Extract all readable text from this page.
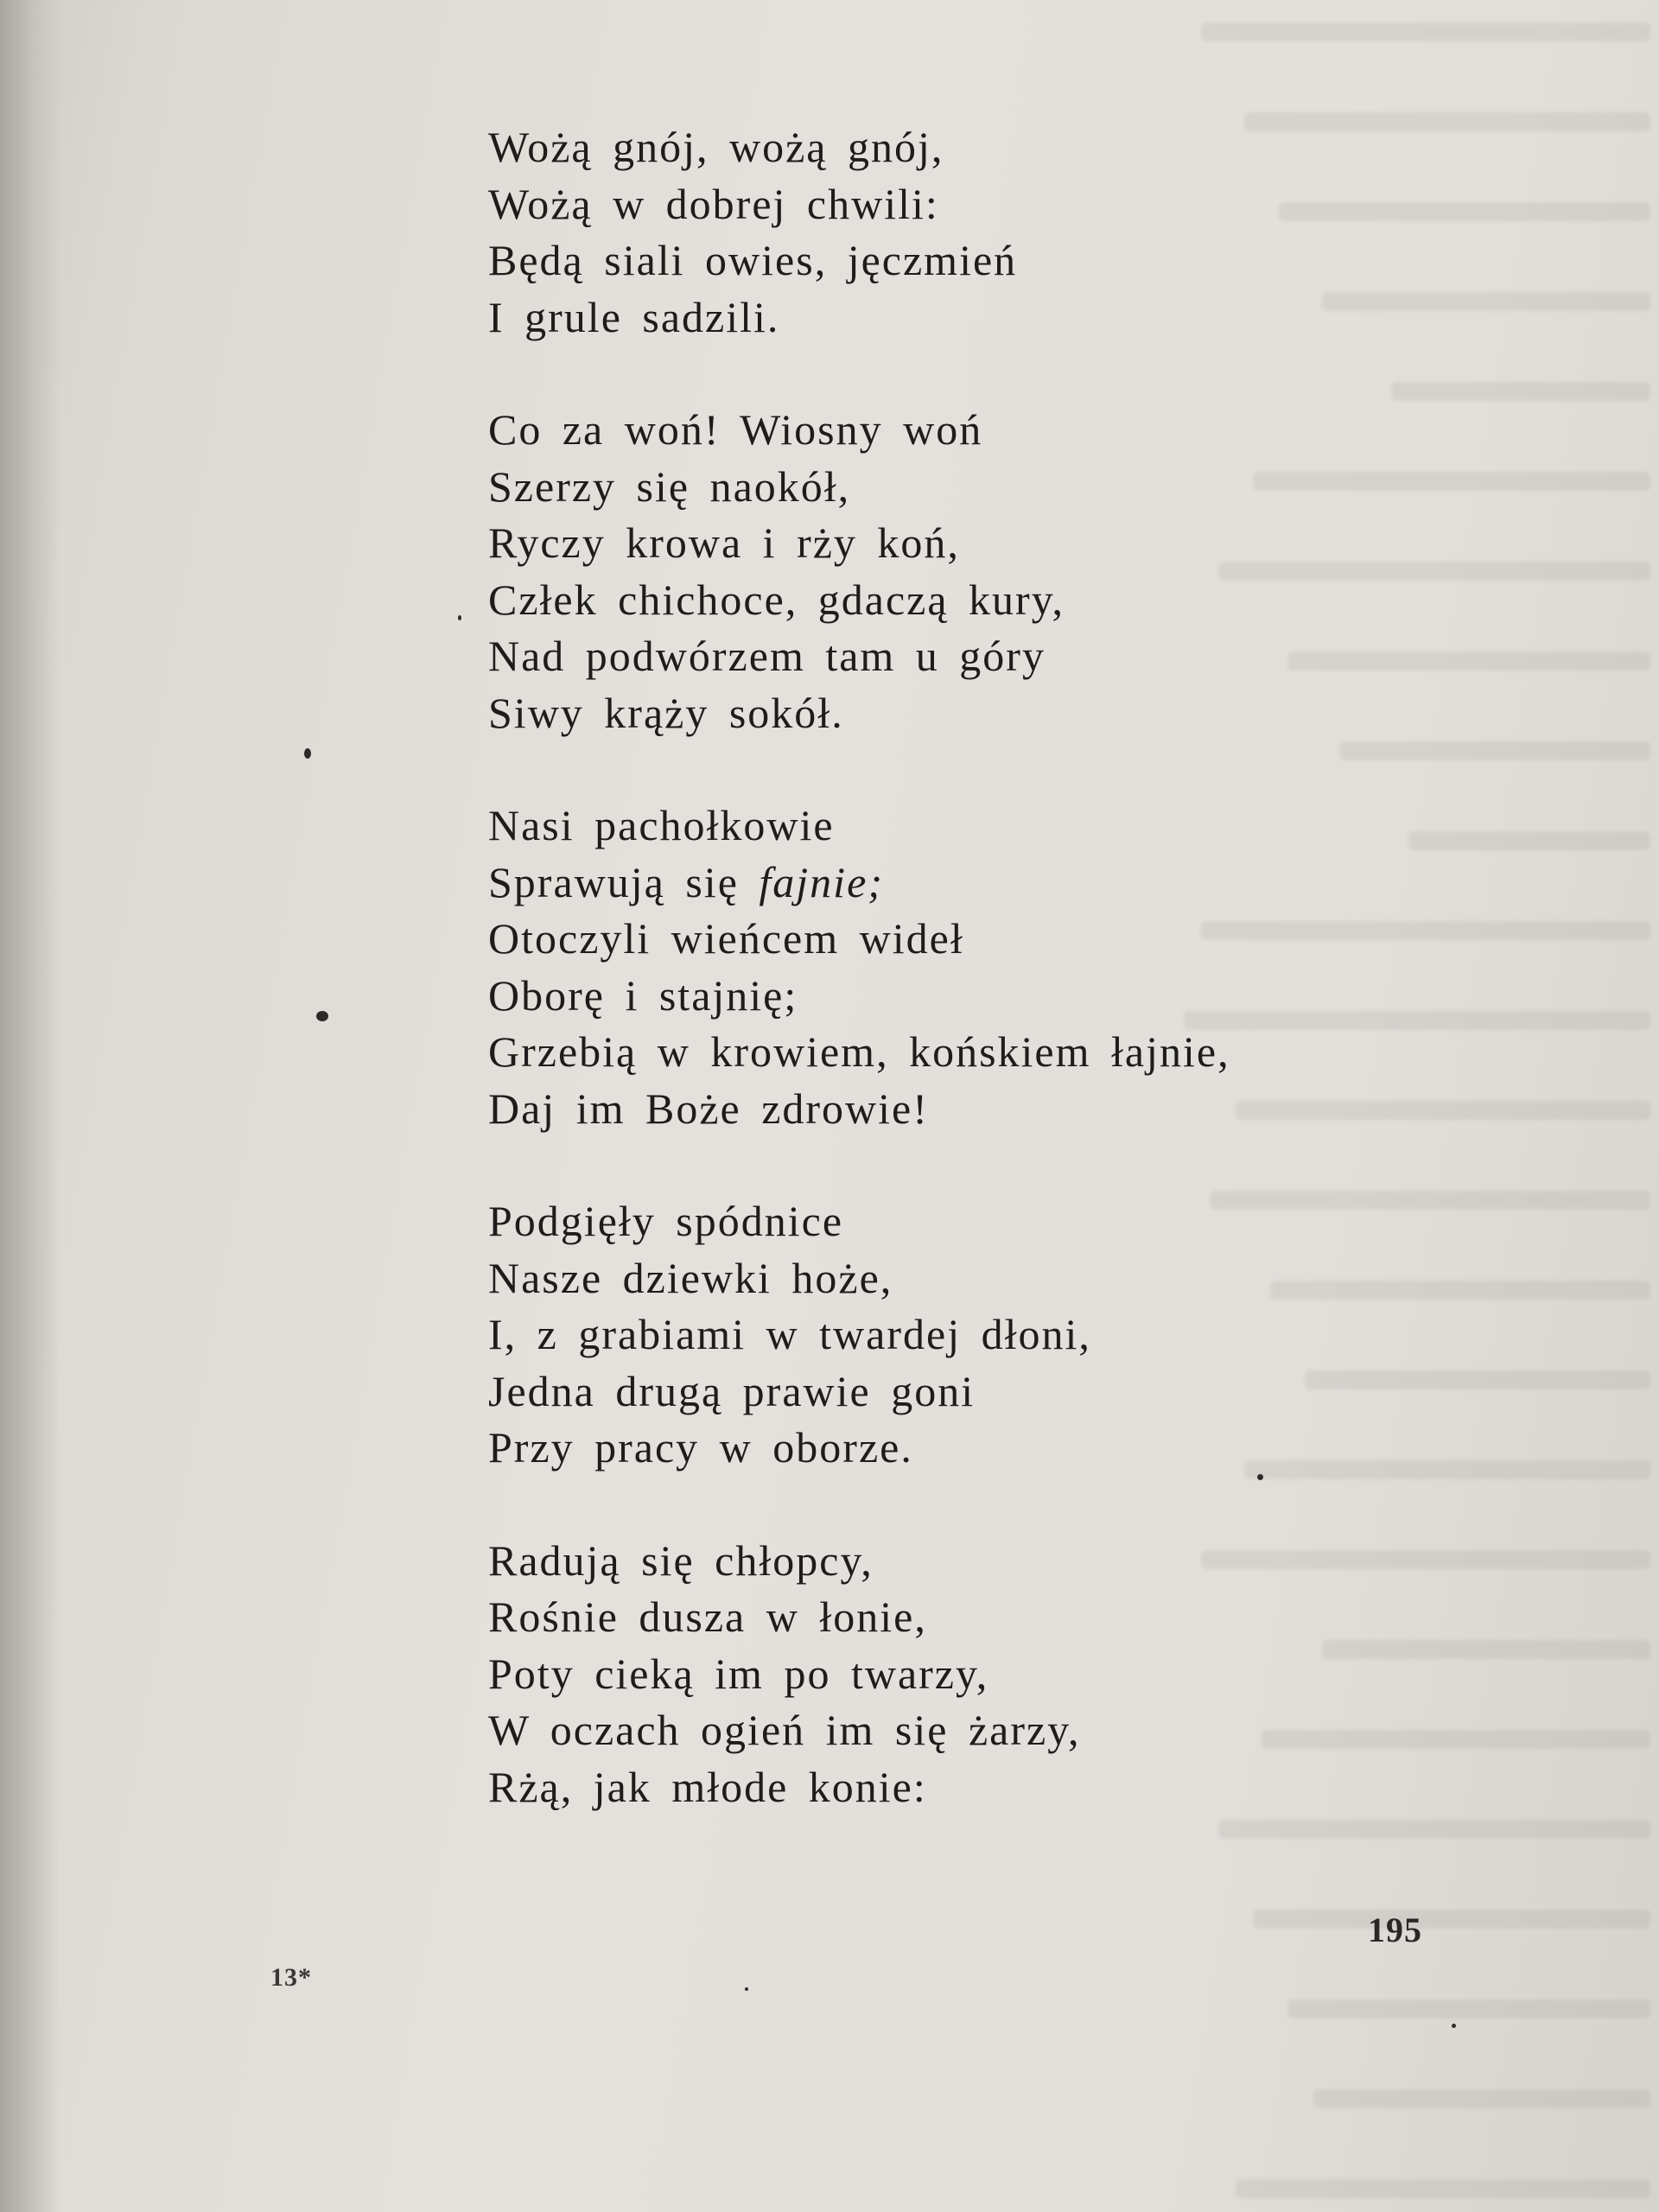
Wożą gnój, wożą gnój,
Wożą w dobrej chwili:
Będą siali owies, jęczmień
I grule sadzili.

Co za woń! Wiosny woń
Szerzy się naokół,
Ryczy krowa i rży koń,
Człek chichoce, gdaczą kury,
Nad podwórzem tam u góry
Siwy krąży sokół.

Nasi pachołkowie
Sprawują się fajnie;
Otoczyli wieńcem wideł
Oborę i stajnię;
Grzebią w krowiem, końskiem łajnie,
Daj im Boże zdrowie!

Podgięły spódnice
Nasze dziewki hoże,
I, z grabiami w twardej dłoni,
Jedna drugą prawie goni
Przy pracy w oborze.

Radują się chłopcy,
Rośnie dusza w łonie,
Poty cieką im po twarzy,
W oczach ogień im się żarzy,
Rżą, jak młode konie:

195
13*
